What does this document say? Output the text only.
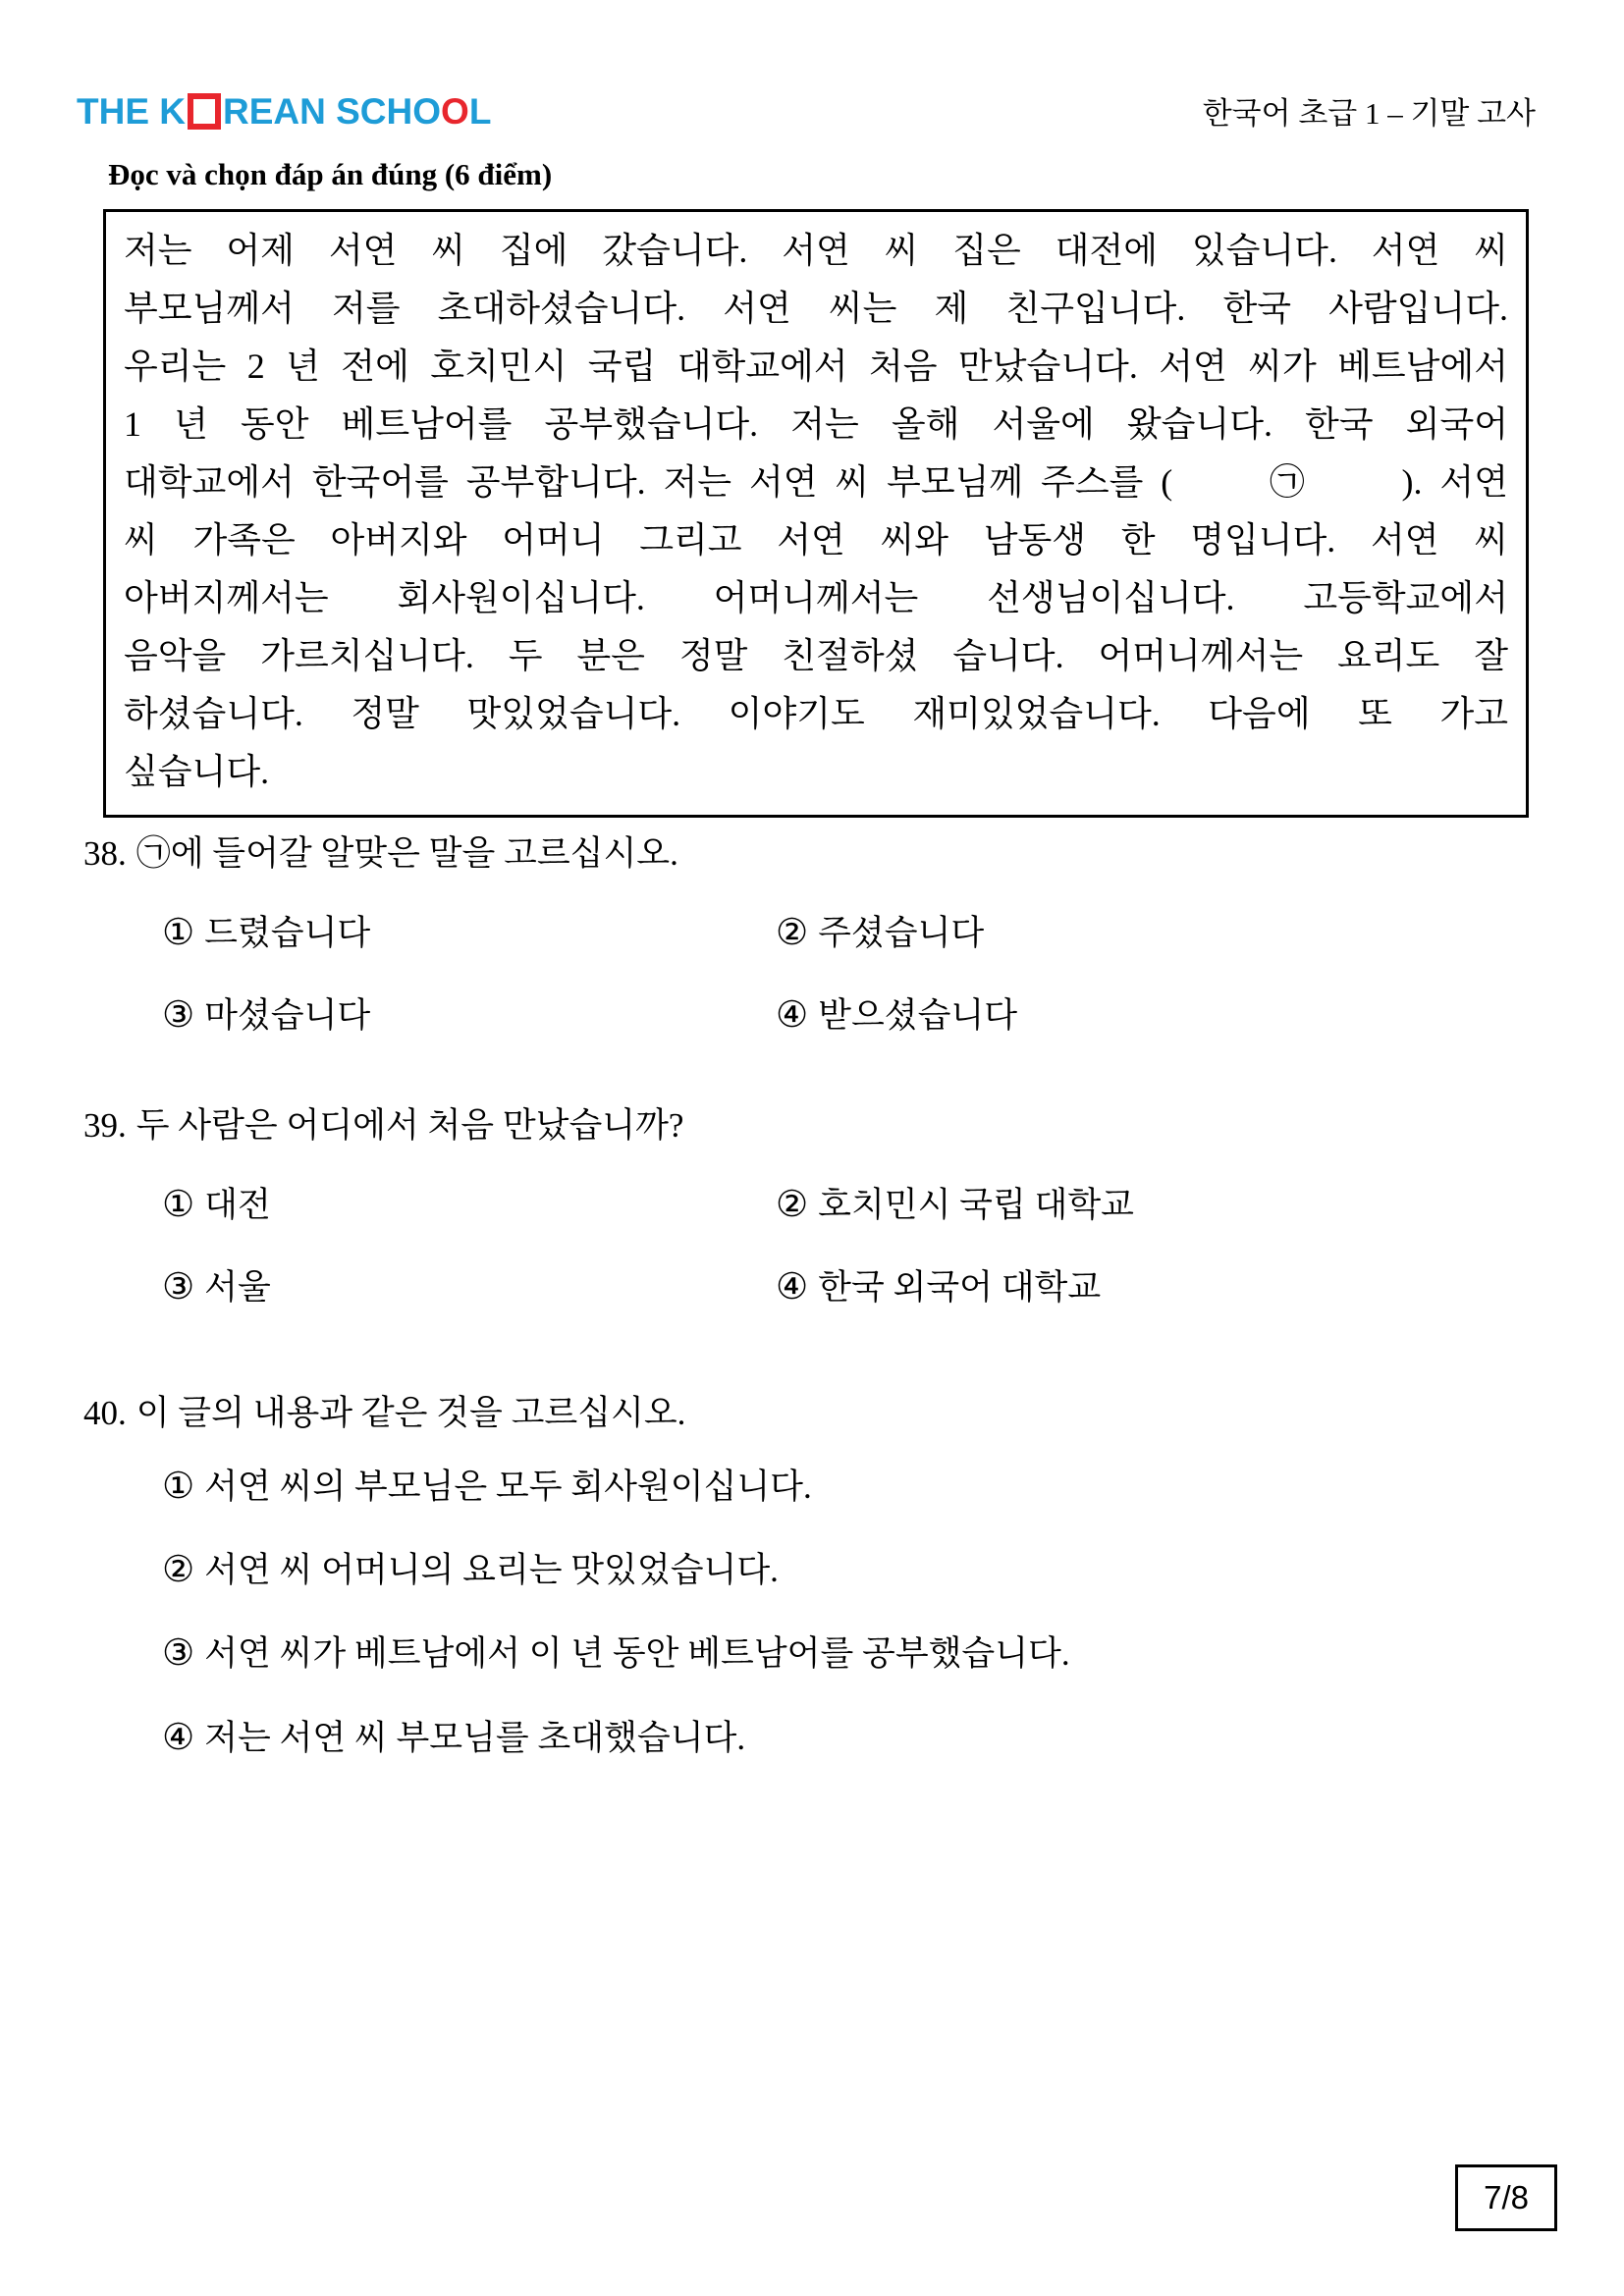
THE K REAN SCHO O L	한국어 초급 1 – 기말 고사
Đọc và chọn đáp án đúng (6 điểm)
저는 어제 서연 씨 집에 갔습니다. 서연 씨 집은 대전에 있습니다. 서연 씨
부모님께서 저를 초대하셨습니다. 서연 씨는 제 친구입니다. 한국 사람입니다.
우리는 2 년 전에 호치민시 국립 대학교에서 처음 만났습니다. 서연 씨가 베트남에서
1 년 동안 베트남어를 공부했습니다. 저는 올해 서울에 왔습니다. 한국 외국어
대학교에서 한국어를 공부합니다. 저는 서연 씨 부모님께 주스를 (　　㉠　　). 서연
씨 가족은 아버지와 어머니 그리고 서연 씨와 남동생 한 명입니다. 서연 씨
아버지께서는 회사원이십니다. 어머니께서는 선생님이십니다. 고등학교에서
음악을 가르치십니다. 두 분은 정말 친절하셨 습니다. 어머니께서는 요리도 잘
하셨습니다. 정말 맛있었습니다. 이야기도 재미있었습니다. 다음에 또 가고
싶습니다.
38. ㉠에 들어갈 알맞은 말을 고르십시오.
① 드렸습니다	② 주셨습니다
③ 마셨습니다	④ 받으셨습니다
39. 두 사람은 어디에서 처음 만났습니까?
① 대전	② 호치민시 국립 대학교
③ 서울	④ 한국 외국어 대학교
40. 이 글의 내용과 같은 것을 고르십시오.
① 서연 씨의 부모님은 모두 회사원이십니다.
② 서연 씨 어머니의 요리는 맛있었습니다.
③ 서연 씨가 베트남에서 이 년 동안 베트남어를 공부했습니다.
④ 저는 서연 씨 부모님를 초대했습니다.
7/8
